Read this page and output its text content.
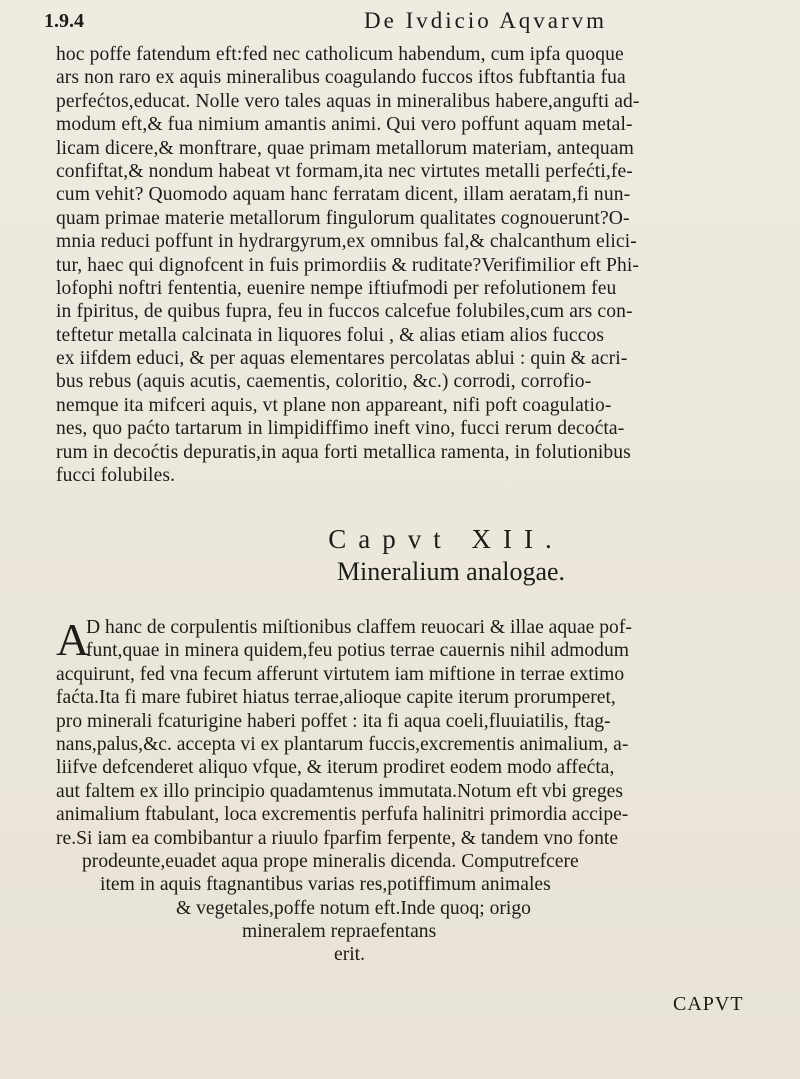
1.9.4	De Ivdicio Aqvarvm
hoc poffe fatendum eft:fed nec catholicum habendum, cum ipfa quoque
ars non raro ex aquis mineralibus coagulando fuccos iftos fubftantia fua
perfećtos,educat. Nolle vero tales aquas in mineralibus habere,angufti ad-
modum eft,& fua nimium amantis animi. Qui vero poffunt aquam metal-
licam dicere,& monftrare, quae primam metallorum materiam, antequam
confiftat,& nondum habeat vt formam,ita nec virtutes metalli perfećti,fe-
cum vehit? Quomodo aquam hanc ferratam dicent, illam aeratam,fi nun-
quam primae materie metallorum fingulorum qualitates cognouerunt?O-
mnia reduci poffunt in hydrargyrum,ex omnibus fal,& chalcanthum elici-
tur, haec qui dignofcent in fuis primordiis & ruditate?Verifimilior eft Phi-
lofophi noftri fententia, euenire nempe iftiufmodi per refolutionem feu
in fpiritus, de quibus fupra, feu in fuccos calcefue folubiles,cum ars con-
teftetur metalla calcinata in liquores folui , & alias etiam alios fuccos
ex iifdem educi, & per aquas elementares percolatas ablui : quin & acri-
bus rebus (aquis acutis, caementis, coloritio, &c.) corrodi, corrofio-
nemque ita mifceri aquis, vt plane non appareant, nifi poft coagulatio-
nes, quo paćto tartarum in limpidiffimo ineft vino, fucci rerum decoćta-
rum in decoćtis depuratis,in aqua forti metallica ramenta, in folutionibus
fucci folubiles.
Capvt XII.
Mineralium analogae.
A
D hanc de corpulentis miſtionibus claffem reuocari & illae aquae pof-
funt,quae in minera quidem,feu potius terrae cauernis nihil admodum
acquirunt, fed vna fecum afferunt virtutem iam miftione in terrae extimo
faćta.Ita fi mare fubiret hiatus terrae,alioque capite iterum prorumperet,
pro minerali fcaturigine haberi poffet : ita fi aqua coeli,fluuiatilis, ftag-
nans,palus,&c. accepta vi ex plantarum fuccis,excrementis animalium, a-
liifve defcenderet aliquo vfque, & iterum prodiret eodem modo affećta,
aut faltem ex illo principio quadamtenus immutata.Notum eft vbi greges
animalium ftabulant, loca excrementis perfufa halinitri primordia accipe-
re.Si iam ea combibantur a riuulo fparfim ferpente, & tandem vno fonte
prodeunte,euadet aqua prope mineralis dicenda. Computrefcere
item in aquis ftagnantibus varias res,potiffimum animales
& vegetales,poffe notum eft.Inde quoq; origo
mineralem repraefentans
erit.
CAPVT
